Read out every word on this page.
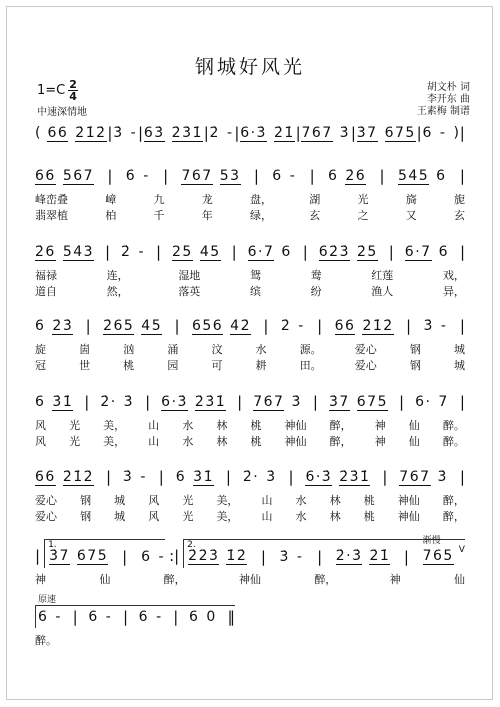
钢城好风光
$1=C \frac{2}{4}$
中速深情地
胡文朴 词
李开东 曲
王素梅 制谱
( 66 2̇1̇2̇ | 3̇ - | 63̇ 2̇3̇1̇ | 2̇ - | 6·3̇ 2̇1̇ | 767 3̇ | 3̇7 675 | 6 - ) |
66 567 | 6 - | 767 53 | 6 - | 6 2̇6 | 545 6 |
峰峦叠	嶂	九	龙	盘，	湖	光	旖	旎
翡翠植	柏	千	年	绿，	玄	之	又	玄
2̇6 543 | 2̇ - | 25 45 | 6·7 6 | 62̇3̇ 2̇5 | 6·7 6 |
福禄	连，	湿地	鸳	鸯	红莲	戏，
道自	然，	落英	缤	纷	渔人	异，
6 2̇3̇ | 2̇65 45 | 656 42̇ | 2̇ - | 66 2̇1̇2̇ | 3̇ - |
旋	崮	汹	涌	汶	水	源。	爱心	钢	城
冠	世	桃	园	可	耕	田。	爱心	钢	城
6 3̇1̇ | 2̇· 3̇ | 6·3̇ 2̇3̇1̇ | 767 3̇ | 3̇7 675 | 6· 7 |
风 光 美， 山 水 林 桃 神仙 醉， 神 仙 醉。
风 光 美， 山 水 林 桃 神仙 醉， 神 仙 醉。
66 2̇1̇2̇ | 3̇ - | 6 3̇1̇ | 2̇· 3̇ | 6·3̇ 2̇3̇1̇ | 767 3̇ |
爱心 钢 城 风 光 美， 山 水 林 桃 神仙 醉，
爱心 钢 城 风 光 美， 山 水 林 桃 神仙 醉，
|
1.
3̇7 675 | 6 - :|
2.
2̇2̇3̇ 1̇2̇ | 3̇ - | 2̇·3̇ 2̇1̇ |
渐慢
765 V
神	仙	醉，	神仙	醉，	神	仙
原速
6 - | 6 - | 6 - | 6 0 ‖
醉。
